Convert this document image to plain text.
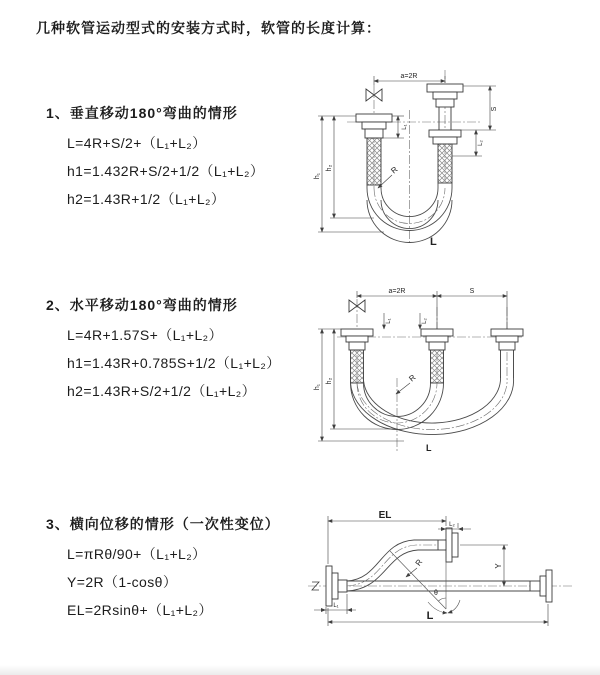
几种软管运动型式的安装方式时，软管的长度计算：
1、垂直移动180°弯曲的情形
L=4R+S/2+（L₁+L₂）
h1=1.432R+S/2+1/2（L₁+L₂）
h2=1.43R+1/2（L₁+L₂）
2、水平移动180°弯曲的情形
L=4R+1.57S+（L₁+L₂）
h1=1.43R+0.785S+1/2（L₁+L₂）
h2=1.43R+S/2+1/2（L₁+L₂）
3、横向位移的情形（一次性变位）
L=πRθ/90+（L₁+L₂）
Y=2R（1-cosθ）
EL=2Rsinθ+（L₁+L₂）
a=2R
h₁
h₂
L₁
S
L₂
R
L
a=2R	S
L₁	L₂
h₁
h₂	R
L
EL
L₂
L₁
Y
θ
R
L
